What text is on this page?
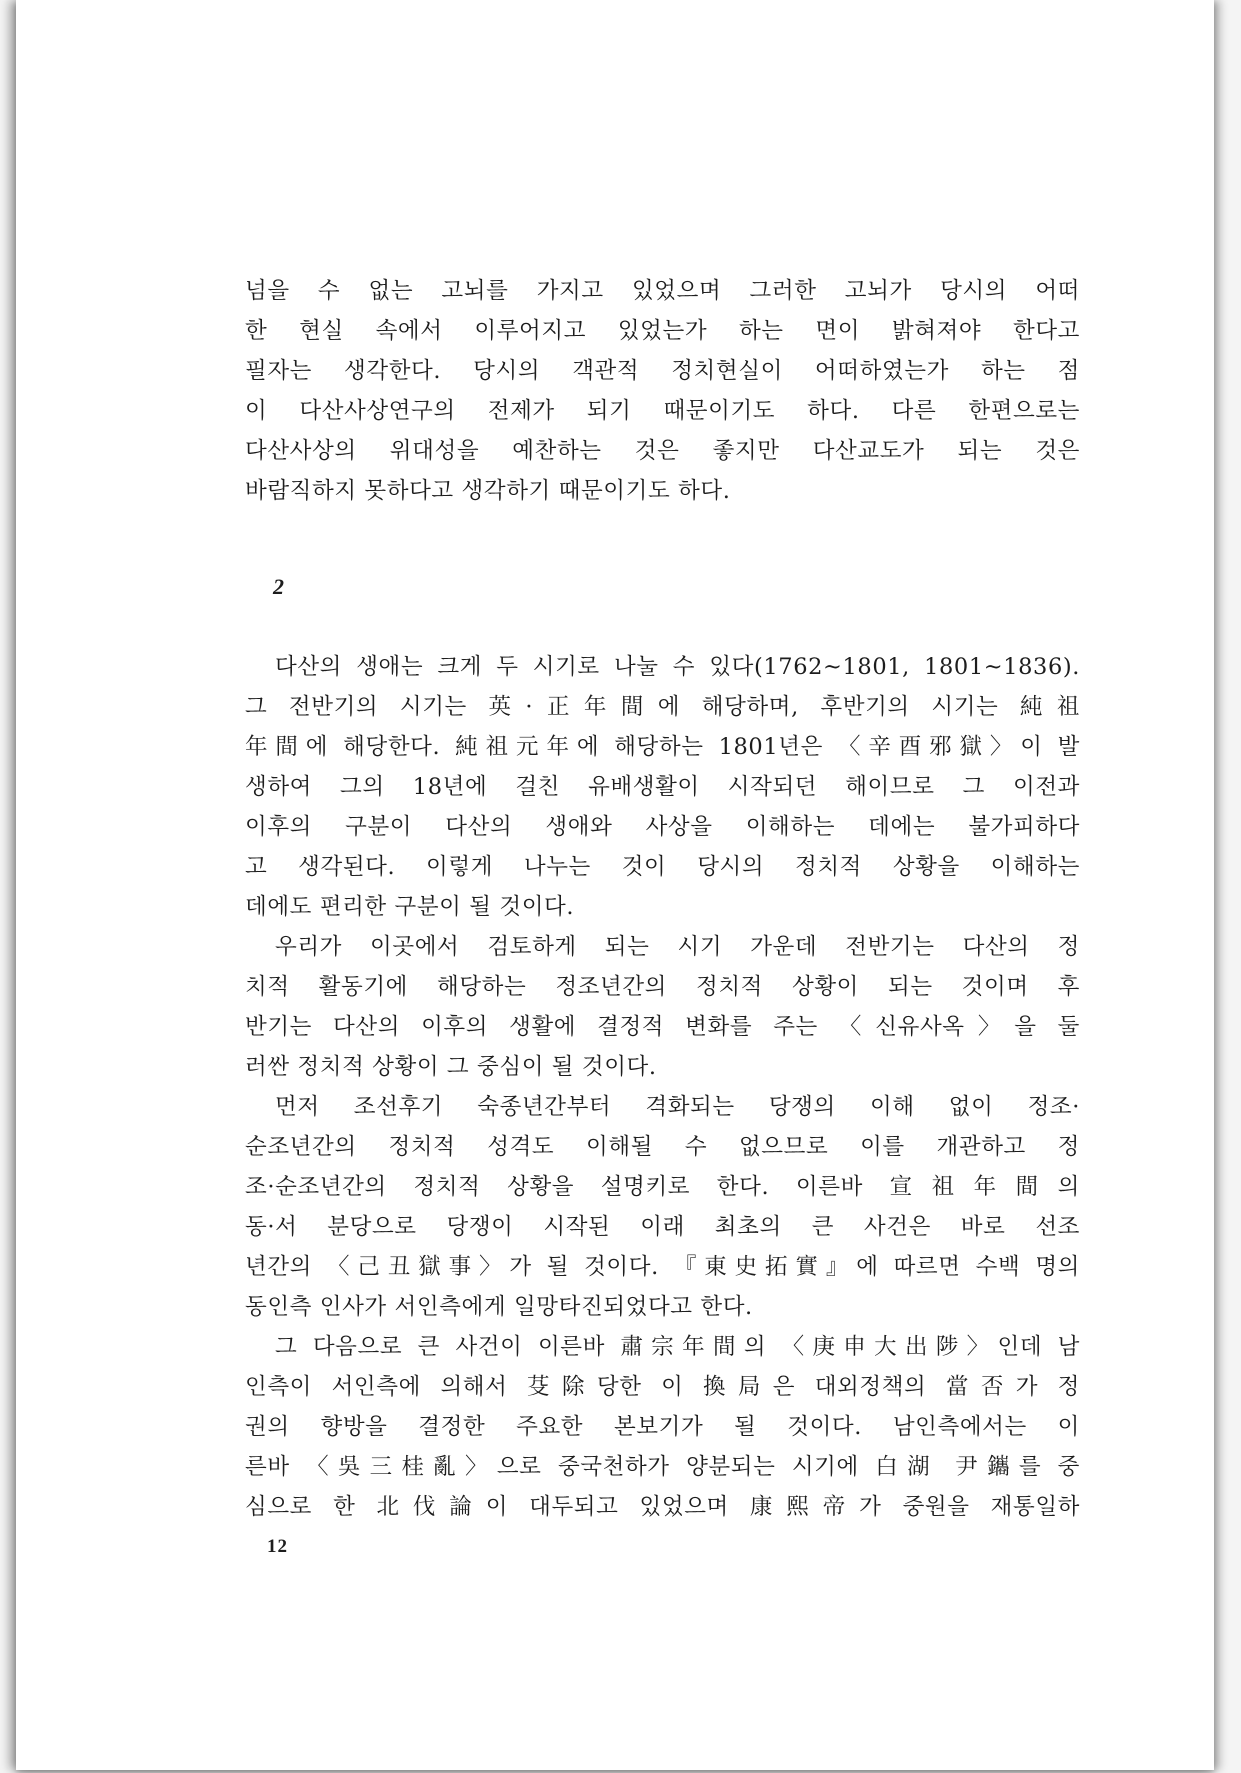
넘을 수 없는 고뇌를 가지고 있었으며 그러한 고뇌가 당시의 어떠
한 현실 속에서 이루어지고 있었는가 하는 면이 밝혀져야 한다고
필자는 생각한다. 당시의 객관적 정치현실이 어떠하였는가 하는 점
이 다산사상연구의 전제가 되기 때문이기도 하다. 다른 한편으로는
다산사상의 위대성을 예찬하는 것은 좋지만 다산교도가 되는 것은
바람직하지 못하다고 생각하기 때문이기도 하다.
2
다산의 생애는 크게 두 시기로 나눌 수 있다(1762~1801, 1801~1836).
그 전반기의 시기는 英·正年間에 해당하며, 후반기의 시기는 純祖
年間에 해당한다. 純祖元年에 해당하는 1801년은 〈辛酉邪獄〉이 발
생하여 그의 18년에 걸친 유배생활이 시작되던 해이므로 그 이전과
이후의 구분이 다산의 생애와 사상을 이해하는 데에는 불가피하다
고 생각된다. 이렇게 나누는 것이 당시의 정치적 상황을 이해하는
데에도 편리한 구분이 될 것이다.
우리가 이곳에서 검토하게 되는 시기 가운데 전반기는 다산의 정
치적 활동기에 해당하는 정조년간의 정치적 상황이 되는 것이며 후
반기는 다산의 이후의 생활에 결정적 변화를 주는 〈신유사옥〉을 둘
러싼 정치적 상황이 그 중심이 될 것이다.
먼저 조선후기 숙종년간부터 격화되는 당쟁의 이해 없이 정조·
순조년간의 정치적 성격도 이해될 수 없으므로 이를 개관하고 정
조·순조년간의 정치적 상황을 설명키로 한다. 이른바 宣祖年間의
동·서 분당으로 당쟁이 시작된 이래 최초의 큰 사건은 바로 선조
년간의 〈己丑獄事〉가 될 것이다. 『東史拓實』에 따르면 수백 명의
동인측 인사가 서인측에게 일망타진되었다고 한다.
그 다음으로 큰 사건이 이른바 肅宗年間의 〈庚申大出陟〉인데 남
인측이 서인측에 의해서 芟除당한 이 換局은 대외정책의 當否가 정
권의 향방을 결정한 주요한 본보기가 될 것이다. 남인측에서는 이
른바 〈吳三桂亂〉으로 중국천하가 양분되는 시기에 白湖 尹鑴를 중
심으로 한 北伐論이 대두되고 있었으며 康熙帝가 중원을 재통일하
12
